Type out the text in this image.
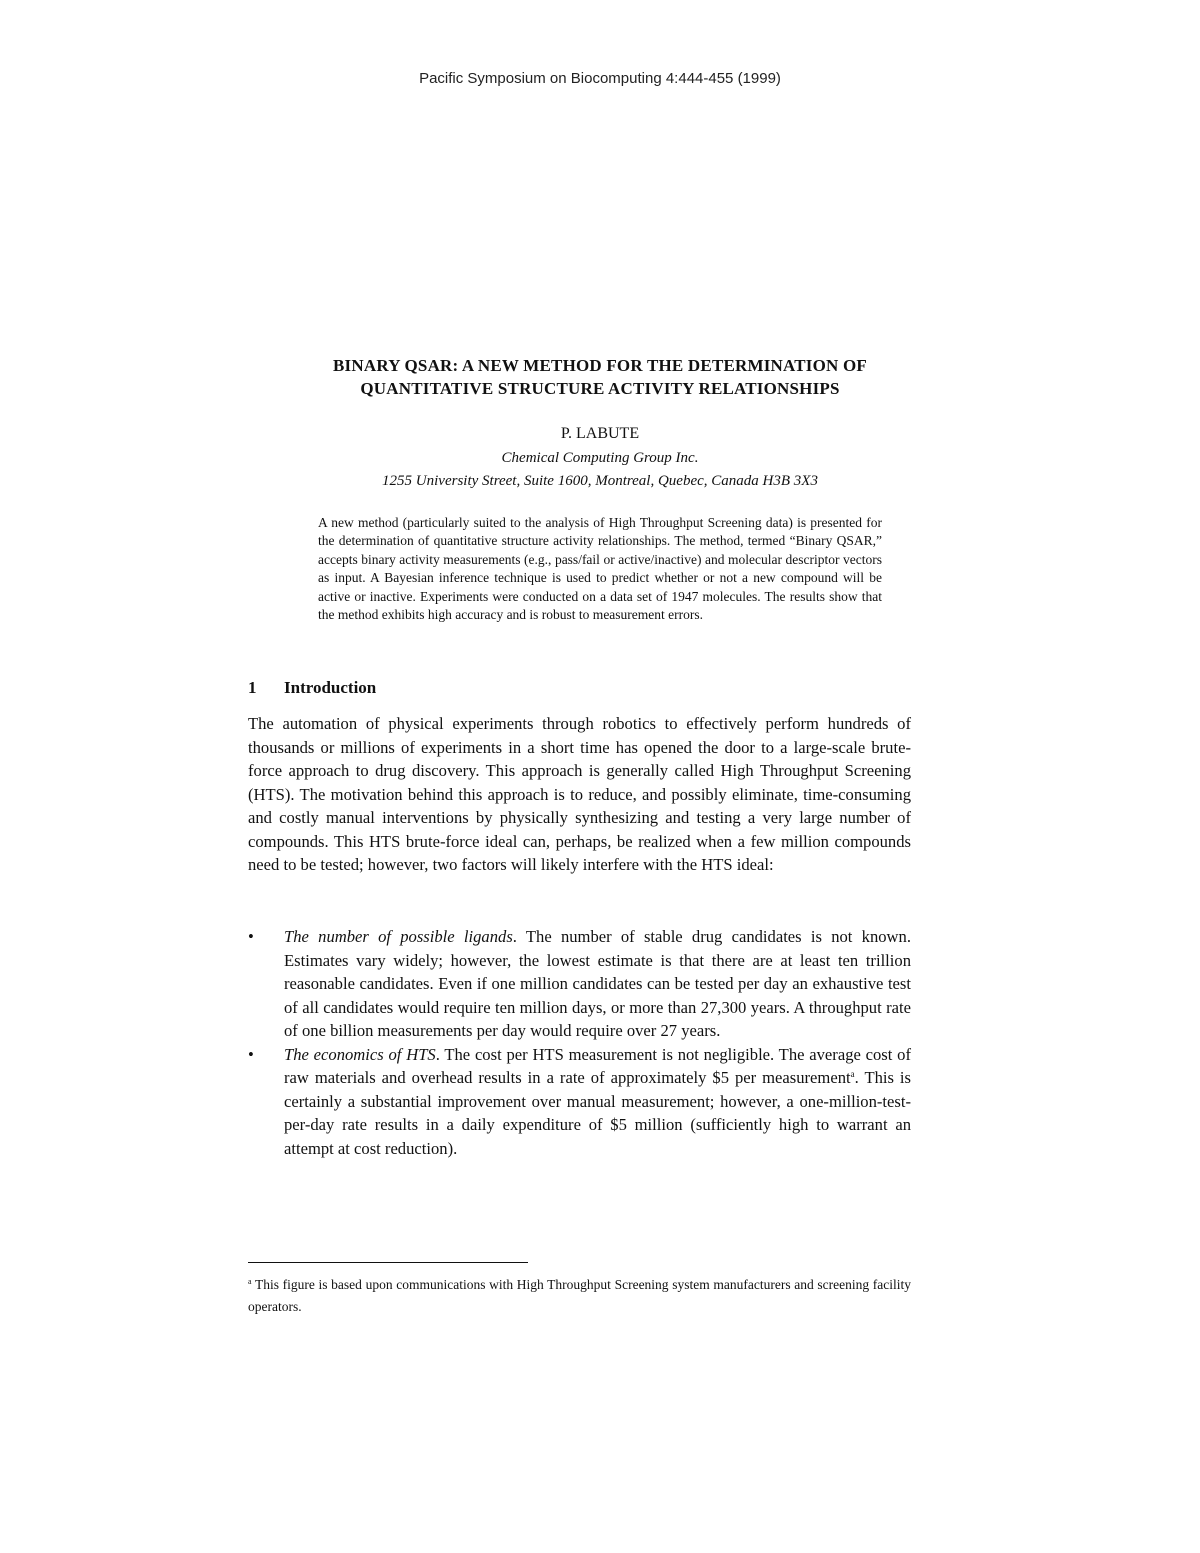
Pacific Symposium on Biocomputing 4:444-455 (1999)
BINARY QSAR: A NEW METHOD FOR THE DETERMINATION OF
QUANTITATIVE STRUCTURE ACTIVITY RELATIONSHIPS
P. LABUTE
Chemical Computing Group Inc.
1255 University Street, Suite 1600, Montreal, Quebec, Canada H3B 3X3
A new method (particularly suited to the analysis of High Throughput Screening data) is presented for the determination of quantitative structure activity relationships. The method, termed “Binary QSAR,” accepts binary activity measurements (e.g., pass/fail or active/inactive) and molecular descriptor vectors as input. A Bayesian inference technique is used to predict whether or not a new compound will be active or inactive. Experiments were conducted on a data set of 1947 molecules. The results show that the method exhibits high accuracy and is robust to measurement errors.
1 Introduction
The automation of physical experiments through robotics to effectively perform hundreds of thousands or millions of experiments in a short time has opened the door to a large-scale brute-force approach to drug discovery. This approach is generally called High Throughput Screening (HTS). The motivation behind this approach is to reduce, and possibly eliminate, time-consuming and costly manual interventions by physically synthesizing and testing a very large number of compounds. This HTS brute-force ideal can, perhaps, be realized when a few million compounds need to be tested; however, two factors will likely interfere with the HTS ideal:
•	The number of possible ligands. The number of stable drug candidates is not known. Estimates vary widely; however, the lowest estimate is that there are at least ten trillion reasonable candidates. Even if one million candidates can be tested per day an exhaustive test of all candidates would require ten million days, or more than 27,300 years. A throughput rate of one billion measurements per day would require over 27 years.
•	The economics of HTS. The cost per HTS measurement is not negligible. The average cost of raw materials and overhead results in a rate of approximately $5 per measurement$^a$. This is certainly a substantial improvement over manual measurement; however, a one-million-test-per-day rate results in a daily expenditure of $5 million (sufficiently high to warrant an attempt at cost reduction).
$^a$ This figure is based upon communications with High Throughput Screening system manufacturers and screening facility operators.
